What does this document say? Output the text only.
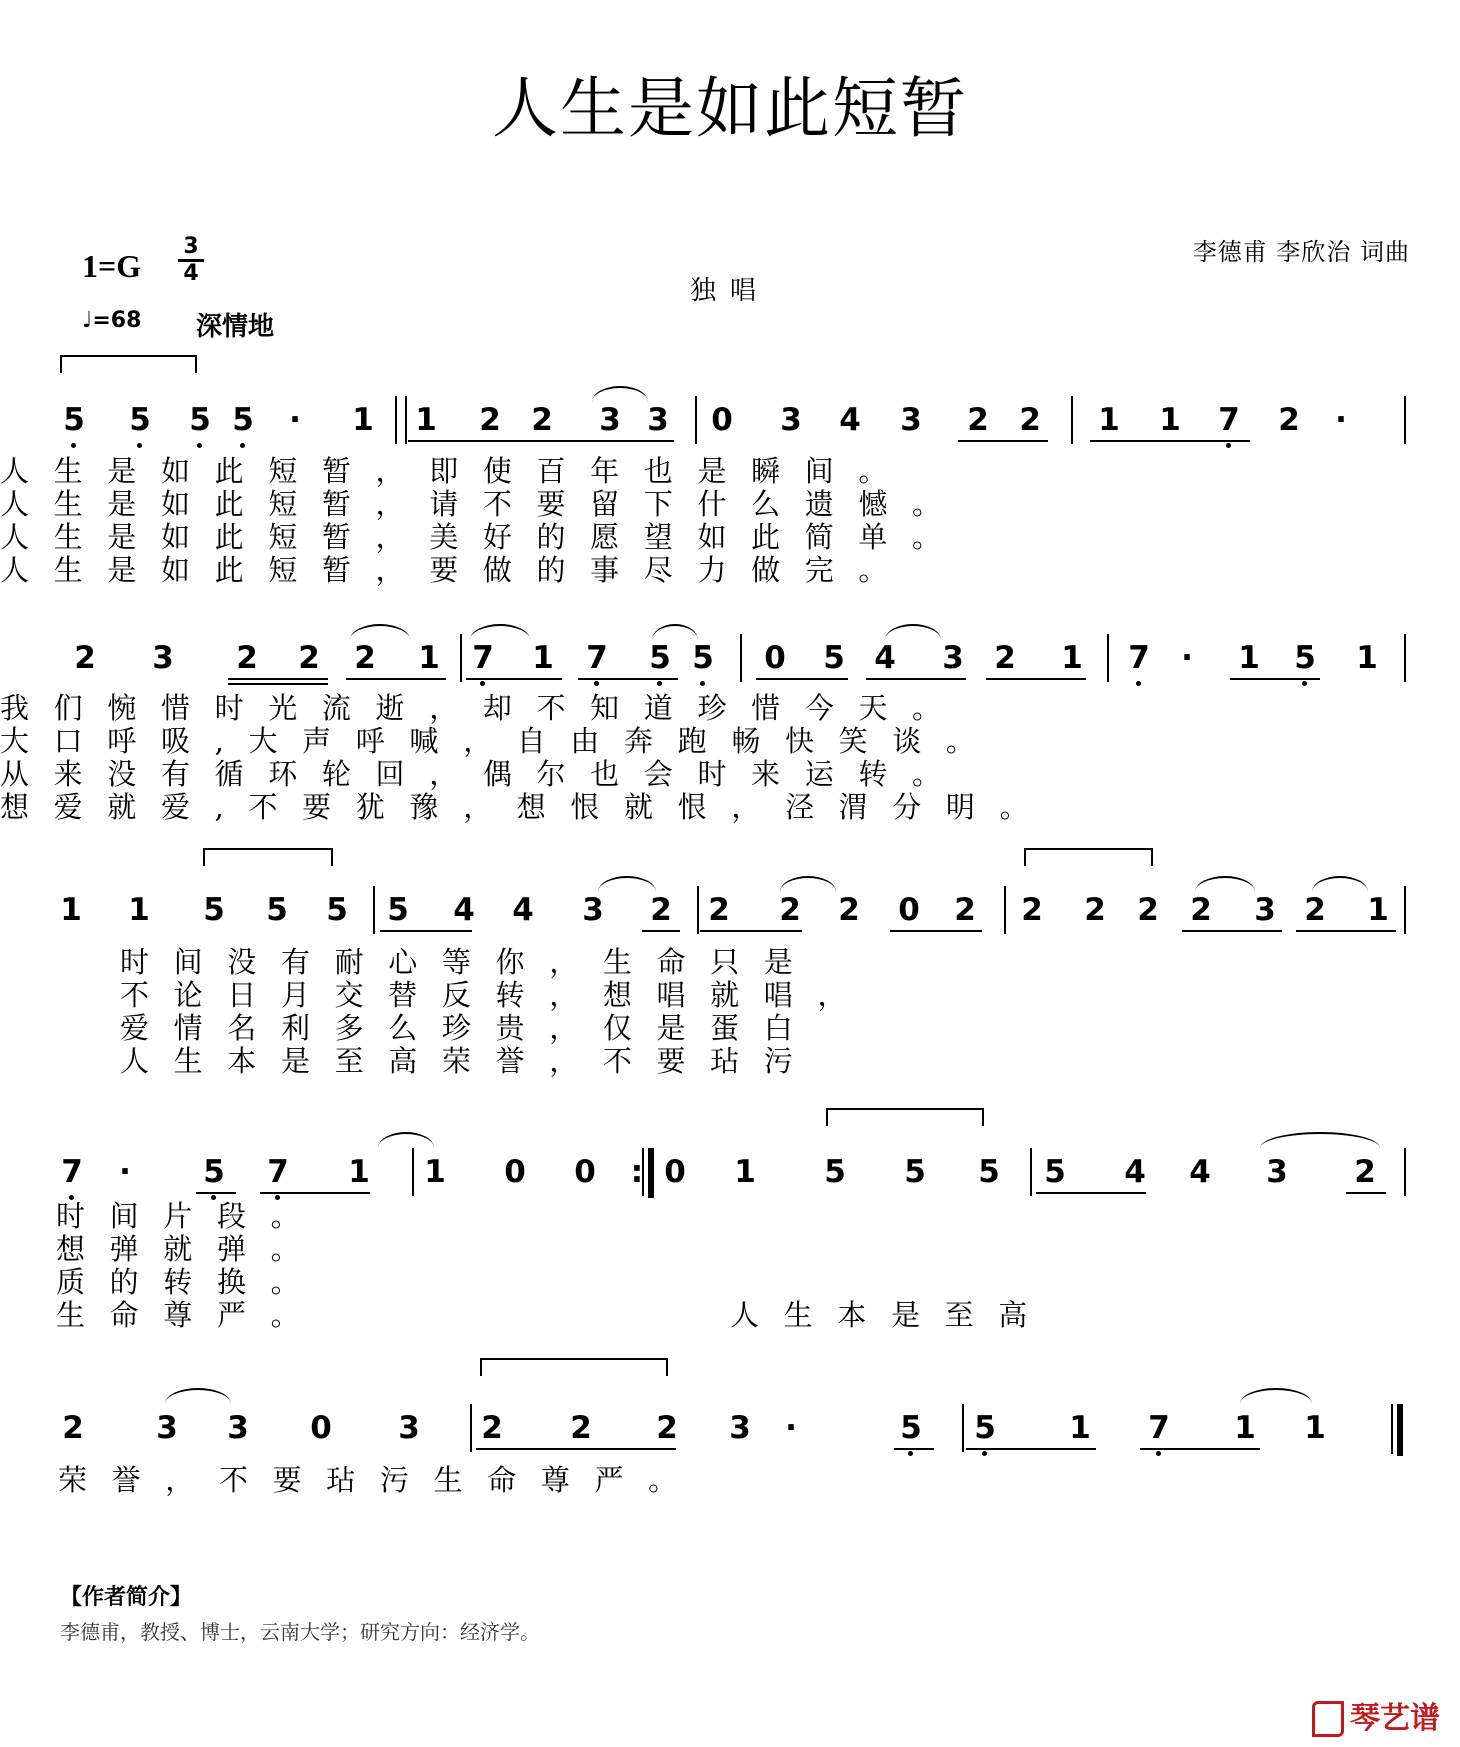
人生是如此短暂
1=G
3
4
♩=68 深情地
独唱
李德甫 李欣治 词曲
5 5 5 5 · 1 1 2 2 3 3 0 3 4 3 2 2 1 1 7 2 ·
人生是如此短暂，即使百年也是瞬间。
人生是如此短暂，请不要留下什么遗憾。
人生是如此短暂，美好的愿望如此简单。
人生是如此短暂，要做的事尽力做完。
2 3 2 2 2 1 7 1 7 5 5 0 5 4 3 2 1 7 · 1 5 1
我们惋惜时光流逝，却不知道珍惜今天。
大口呼吸,大声呼喊，自由奔跑畅快笑谈。
从来没有循环轮回，偶尔也会时来运转。
想爱就爱,不要犹豫，想恨就恨，泾渭分明。
1 1 5 5 5 5 4 4 3 2 2 2 2 0 2 2 2 2 2 3 2 1
时间没有耐心等你，生命只是
不论日月交替反转，想唱就唱，
爱情名利多么珍贵，仅是蛋白
人生本是至高荣誉，不要玷污
7 · 5 7 1 1 0 0 : 0 1 5 5 5 5 4 4 3 2
时间片段。
想弹就弹。
质的转换。
生命尊严。	人生本是至高
2 3 3 0 3 2 2 2 3 ·	5 5 1 7 1 1
荣誉，不要玷污生命尊严。
【作者简介】
李德甫，教授、博士，云南大学；研究方向：经济学。
琴艺谱
